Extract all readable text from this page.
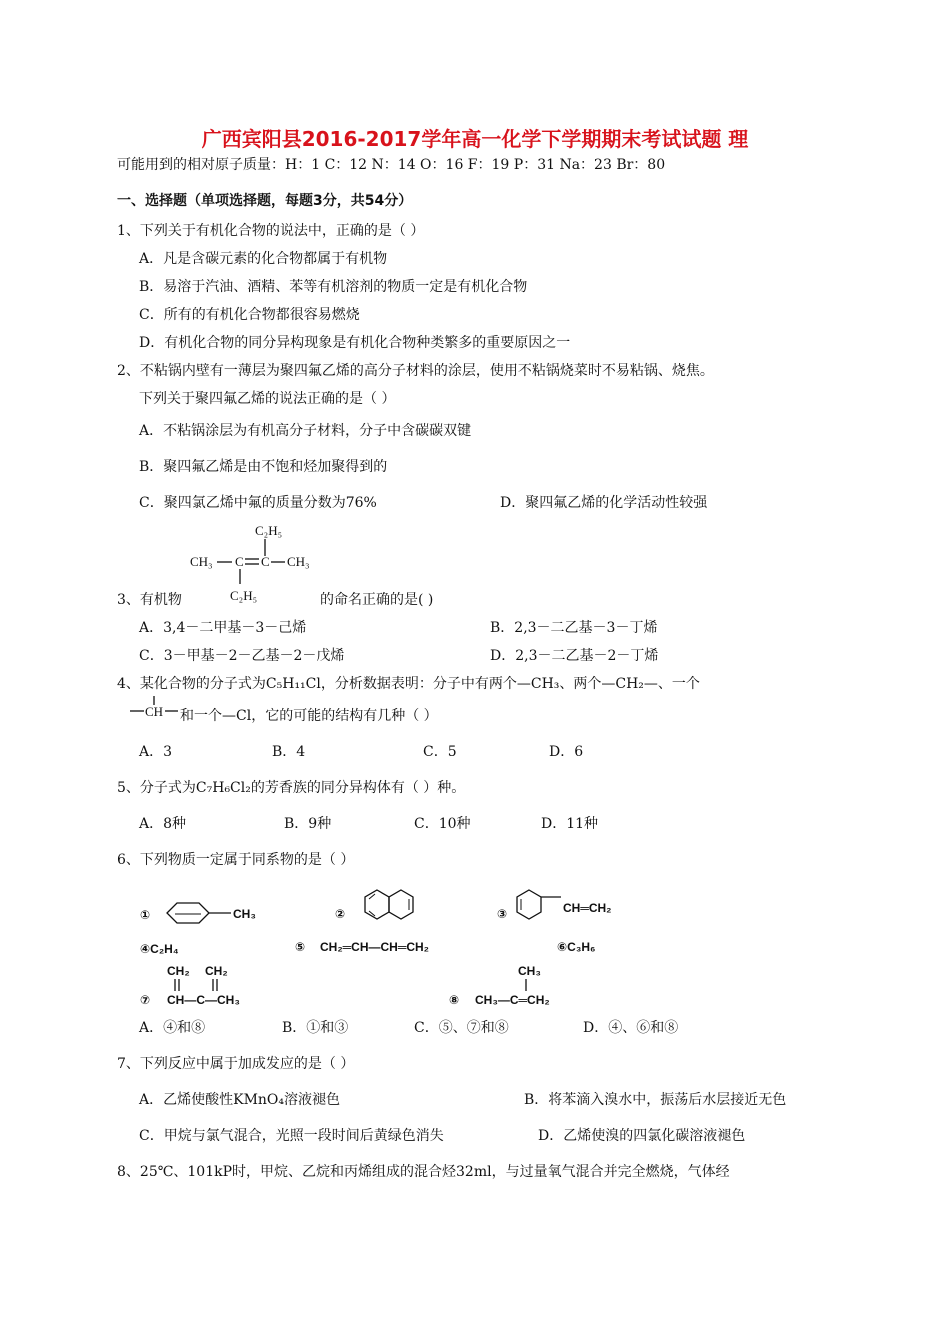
广西宾阳县2016-2017学年高一化学下学期期末考试试题 理
可能用到的相对原子质量：H：1 C：12 N：14 O：16 F：19 P：31 Na：23 Br：80
一、选择题（单项选择题，每题3分，共54分）
1、下列关于有机化合物的说法中，正确的是（ ）
A．凡是含碳元素的化合物都属于有机物
B．易溶于汽油、酒精、苯等有机溶剂的物质一定是有机化合物
C．所有的有机化合物都很容易燃烧
D．有机化合物的同分异构现象是有机化合物种类繁多的重要原因之一
2、不粘锅内壁有一薄层为聚四氟乙烯的高分子材料的涂层，使用不粘锅烧菜时不易粘锅、烧焦。
下列关于聚四氟乙烯的说法正确的是（ ）
A．不粘锅涂层为有机高分子材料，分子中含碳碳双键
B．聚四氟乙烯是由不饱和烃加聚得到的
C．聚四氯乙烯中氟的质量分数为76%	D．聚四氟乙烯的化学活动性较强
C₂H₅
CH₃ C C CH₃
C₂H₅
3、有机物	的命名正确的是( )
A．3,4－二甲基－3－己烯	B．2,3－二乙基－3－丁烯
C．3－甲基－2－乙基－2－戊烯	D．2,3－二乙基－2－丁烯
4、某化合物的分子式为C₅H₁₁Cl，分析数据表明：分子中有两个—CH₃、两个—CH₂—、一个
CH 和一个—Cl，它的可能的结构有几种（ ）
A．3	B．4	C．5	D．6
5、分子式为C₇H₆Cl₂的芳香族的同分异构体有（ ）种。
A．8种	B．9种	C．10种	D．11种
6、下列物质一定属于同系物的是（ ）
①	CH₃	②	③	CH═CH₂
④C₂H₄	⑤ CH₂═CH—CH═CH₂	⑥C₃H₆
CH₂ CH₂
⑦ CH—C—CH₃
CH₃
⑧ CH₃—C═CH₂
A．④和⑧	B．①和③	C．⑤、⑦和⑧	D．④、⑥和⑧
7、下列反应中属于加成发应的是（ ）
A．乙烯使酸性KMnO₄溶液褪色	B．将苯滴入溴水中，振荡后水层接近无色
C．甲烷与氯气混合，光照一段时间后黄绿色消失	D．乙烯使溴的四氯化碳溶液褪色
8、25℃、101kP时，甲烷、乙烷和丙烯组成的混合烃32ml，与过量氧气混合并完全燃烧，气体经
